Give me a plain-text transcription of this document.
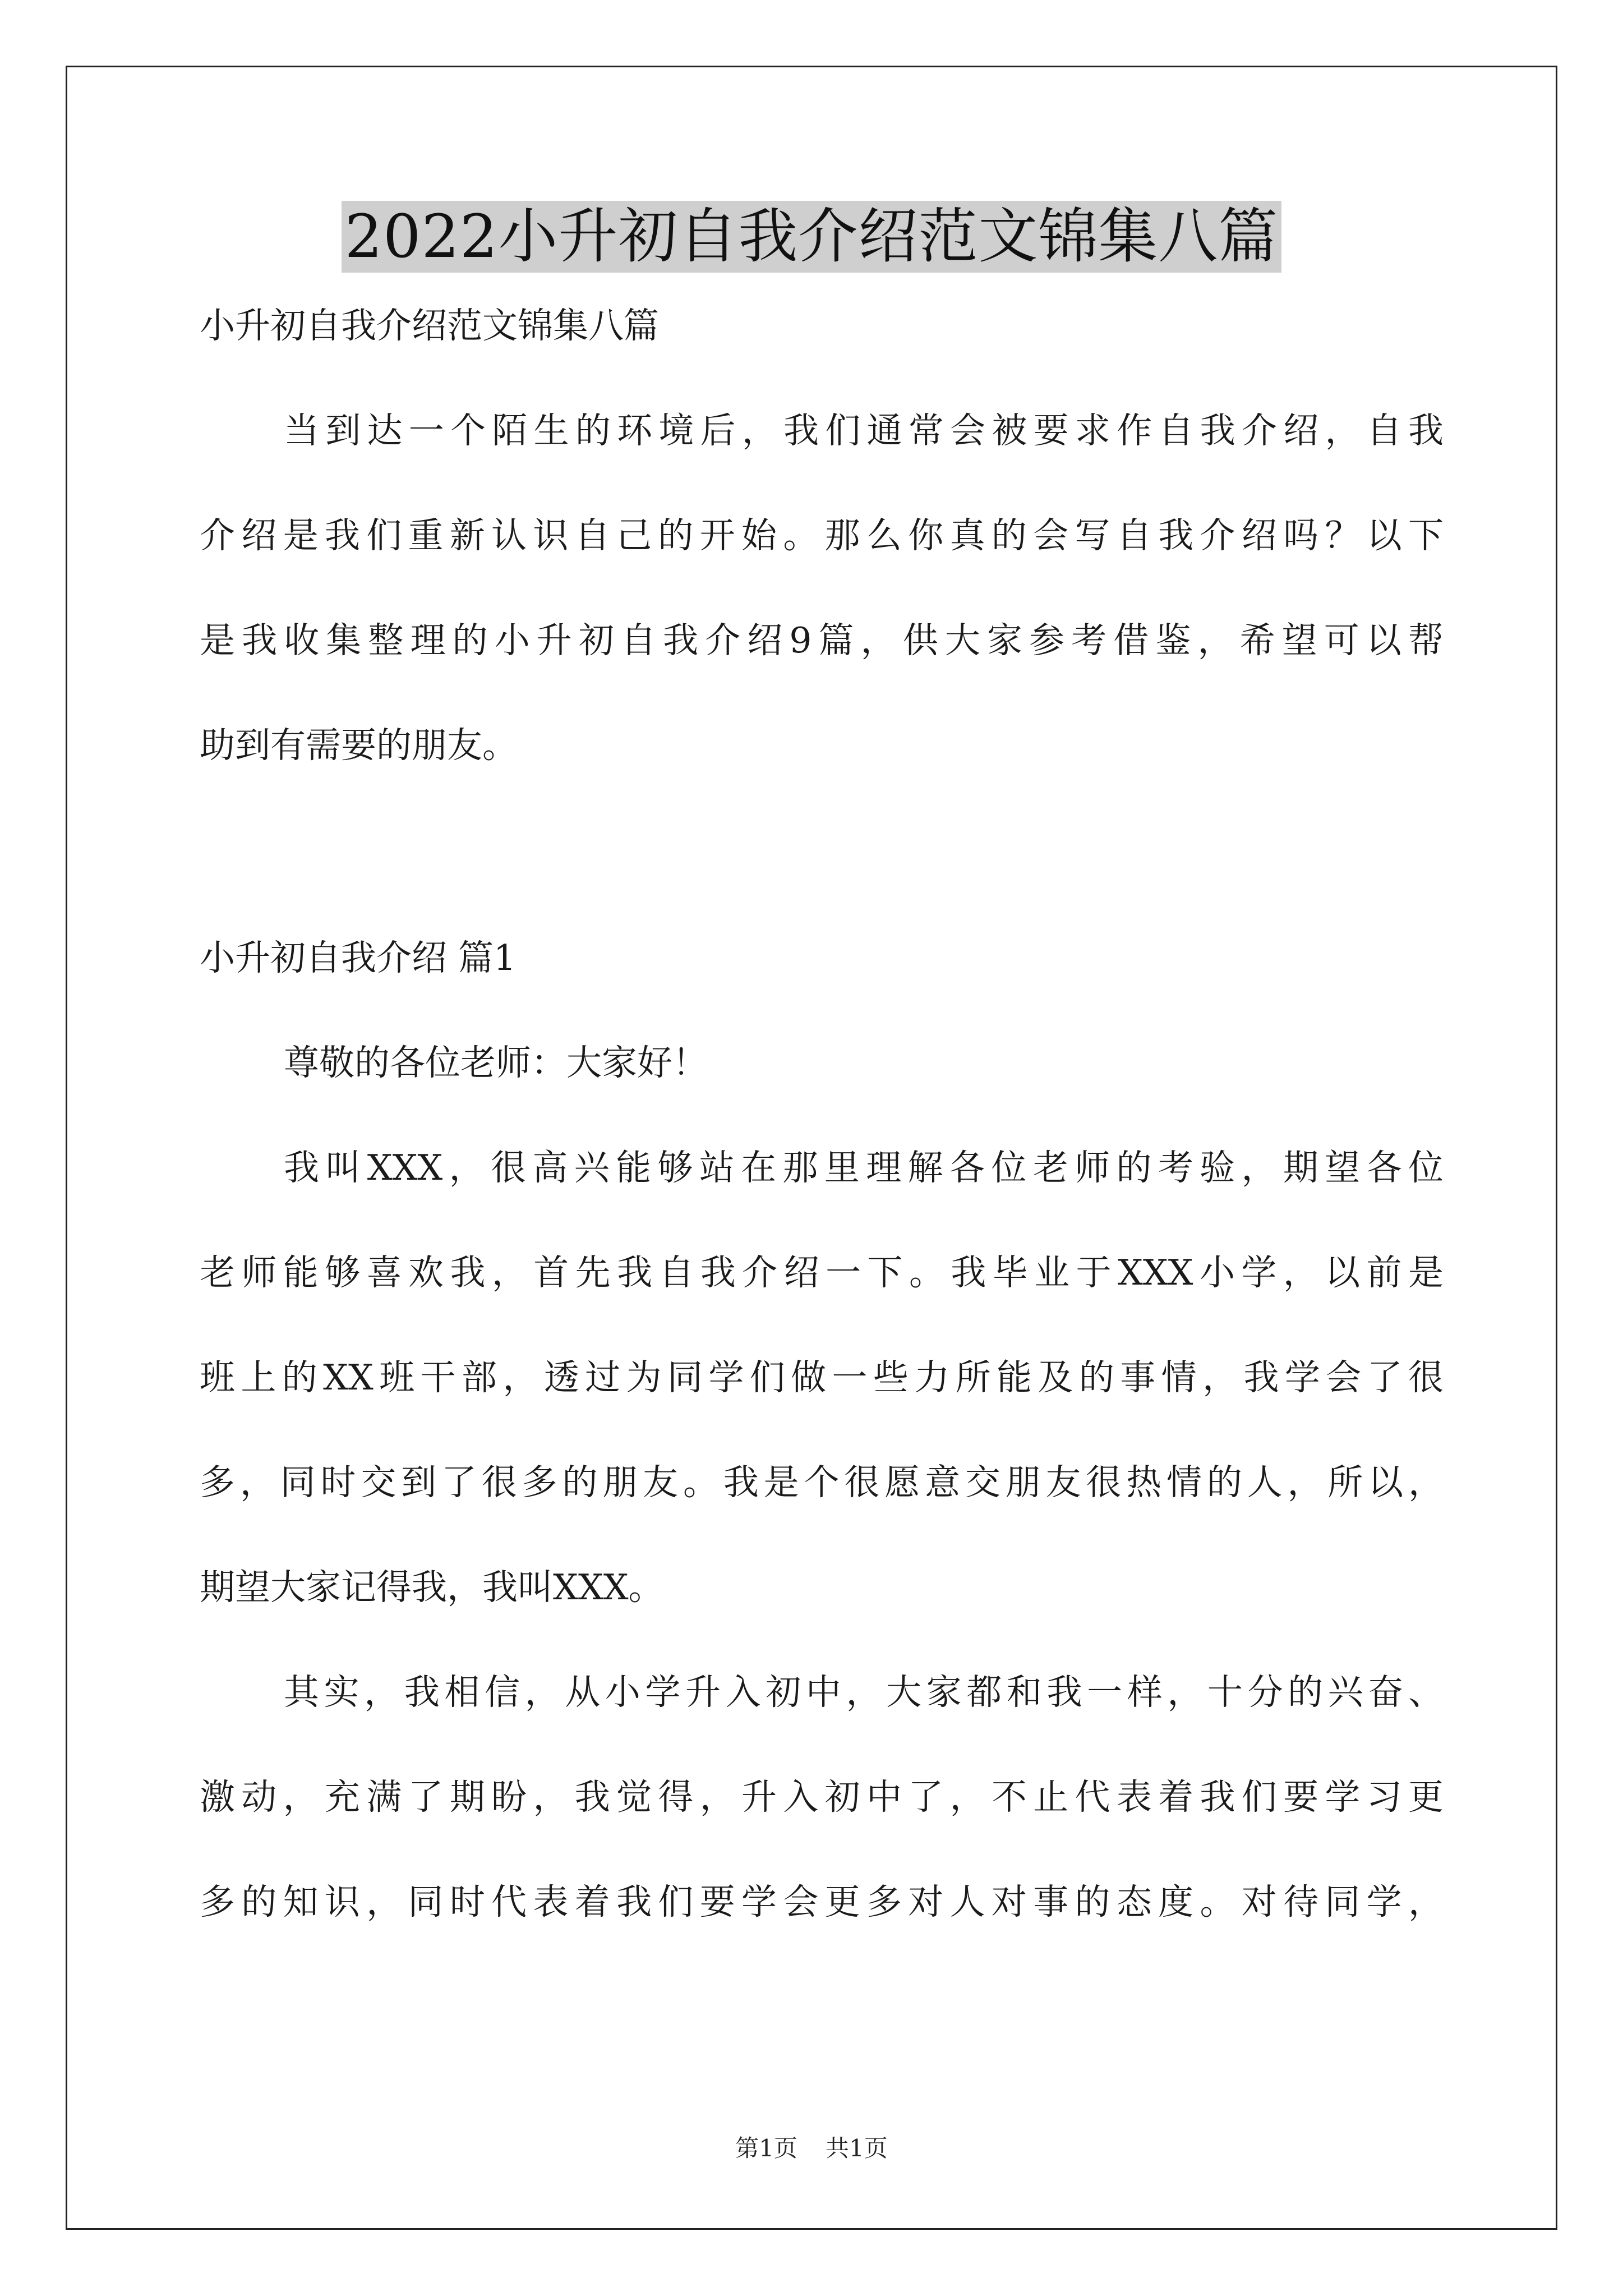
2022小升初自我介绍范文锦集八篇
小升初自我介绍范文锦集八篇
当到达一个陌生的环境后，我们通常会被要求作自我介绍，自我
介绍是我们重新认识自己的开始。那么你真的会写自我介绍吗？以下
是我收集整理的小升初自我介绍9篇，供大家参考借鉴，希望可以帮
助到有需要的朋友。
小升初自我介绍 篇1
尊敬的各位老师：大家好！
我叫XXX，很高兴能够站在那里理解各位老师的考验，期望各位
老师能够喜欢我，首先我自我介绍一下。我毕业于XXX小学，以前是
班上的XX班干部，透过为同学们做一些力所能及的事情，我学会了很
多，同时交到了很多的朋友。我是个很愿意交朋友很热情的人，所以，
期望大家记得我，我叫XXX。
其实，我相信，从小学升入初中，大家都和我一样，十分的兴奋、
激动，充满了期盼，我觉得，升入初中了，不止代表着我们要学习更
多的知识，同时代表着我们要学会更多对人对事的态度。对待同学，
第1页 共1页
